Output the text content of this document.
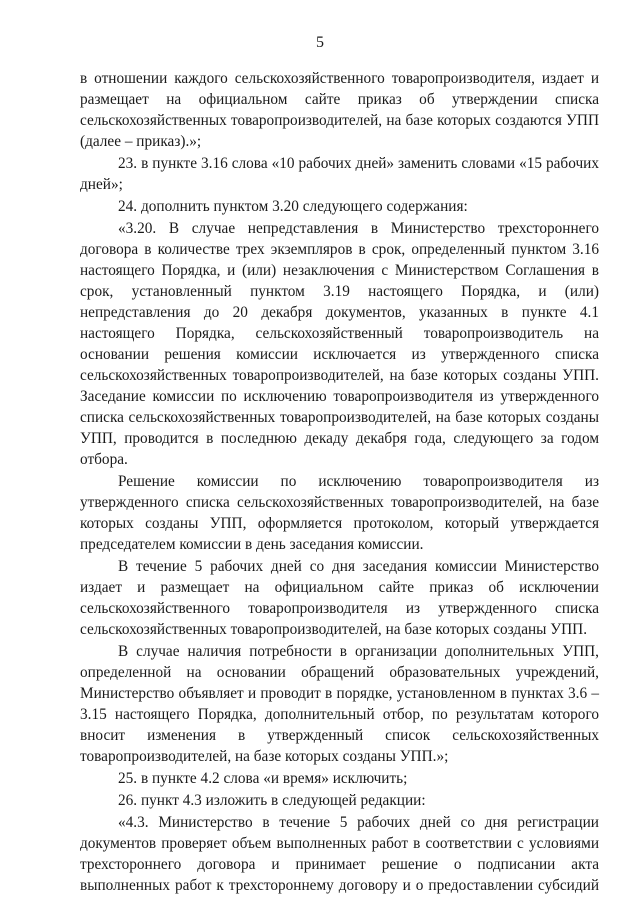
5

в отношении каждого сельскохозяйственного товаропроизводителя, издает и размещает на официальном сайте приказ об утверждении списка сельскохозяйственных товаропроизводителей, на базе которых создаются УПП (далее – приказ).»;

23. в пункте 3.16 слова «10 рабочих дней» заменить словами «15 рабочих дней»;

24. дополнить пунктом 3.20 следующего содержания:

«3.20. В случае непредставления в Министерство трехстороннего договора в количестве трех экземпляров в срок, определенный пунктом 3.16 настоящего Порядка, и (или) незаключения с Министерством Соглашения в срок, установленный пунктом 3.19 настоящего Порядка, и (или) непредставления до 20 декабря документов, указанных в пункте 4.1 настоящего Порядка, сельскохозяйственный товаропроизводитель на основании решения комиссии исключается из утвержденного списка сельскохозяйственных товаропроизводителей, на базе которых созданы УПП. Заседание комиссии по исключению товаропроизводителя из утвержденного списка сельскохозяйственных товаропроизводителей, на базе которых созданы УПП, проводится в последнюю декаду декабря года, следующего за годом отбора.

Решение комиссии по исключению товаропроизводителя из утвержденного списка сельскохозяйственных товаропроизводителей, на базе которых созданы УПП, оформляется протоколом, который утверждается председателем комиссии в день заседания комиссии.

В течение 5 рабочих дней со дня заседания комиссии Министерство издает и размещает на официальном сайте приказ об исключении сельскохозяйственного товаропроизводителя из утвержденного списка сельскохозяйственных товаропроизводителей, на базе которых созданы УПП.

В случае наличия потребности в организации дополнительных УПП, определенной на основании обращений образовательных учреждений, Министерство объявляет и проводит в порядке, установленном в пунктах 3.6 – 3.15 настоящего Порядка, дополнительный отбор, по результатам которого вносит изменения в утвержденный список сельскохозяйственных товаропроизводителей, на базе которых созданы УПП.»;

25. в пункте 4.2 слова «и время» исключить;

26. пункт 4.3 изложить в следующей редакции:

«4.3. Министерство в течение 5 рабочих дней со дня регистрации документов проверяет объем выполненных работ в соответствии с условиями трехстороннего договора и принимает решение о подписании акта выполненных работ к трехстороннему договору и о предоставлении субсидий
